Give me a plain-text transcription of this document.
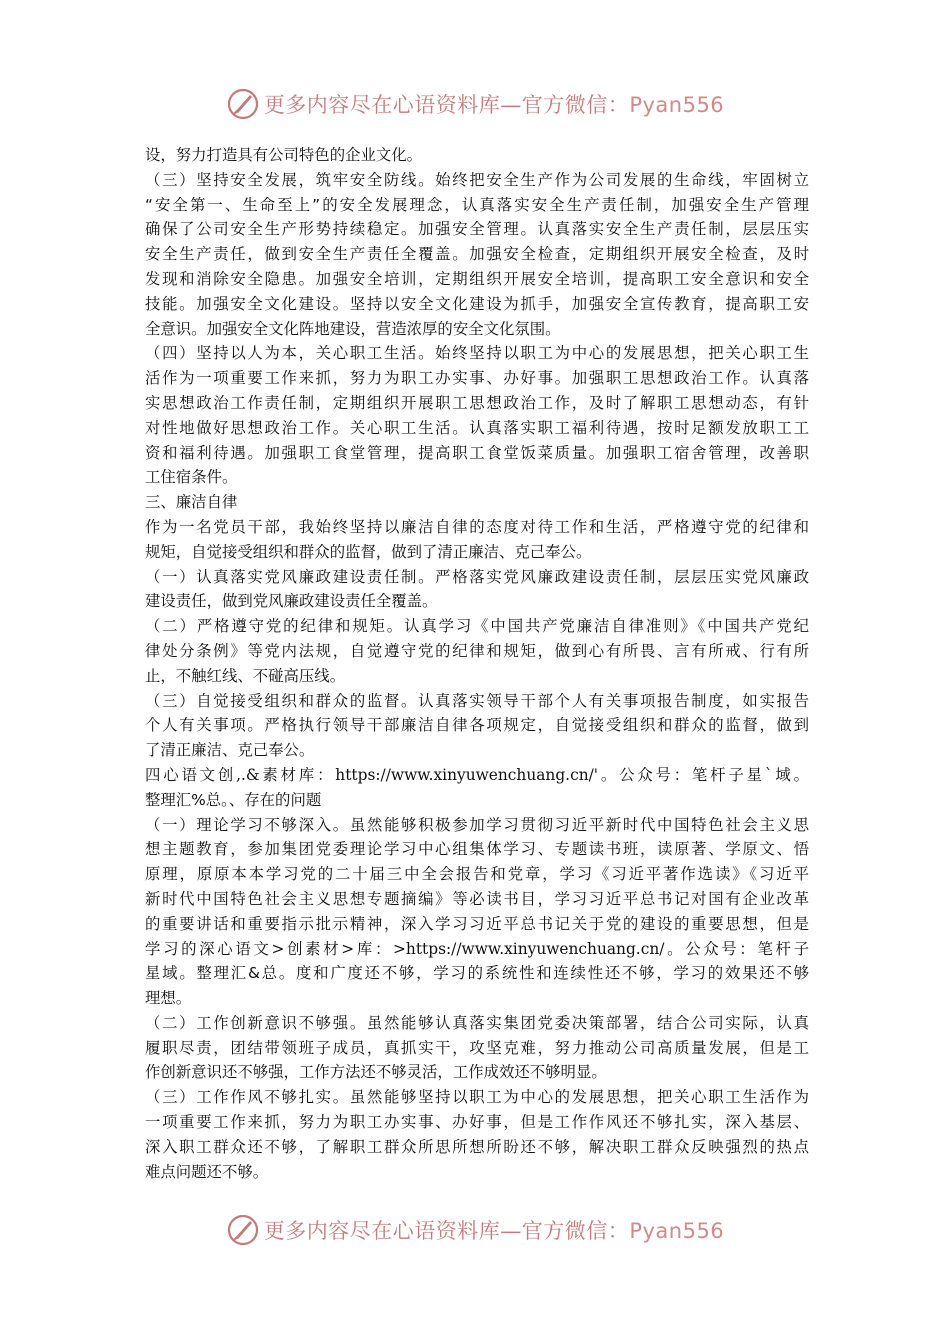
更多内容尽在心语资料库—官方微信：Pyan556
设，努力打造具有公司特色的企业文化。
（三）坚持安全发展，筑牢安全防线。始终把安全生产作为公司发展的生命线，牢固树立
“安全第一、生命至上”的安全发展理念，认真落实安全生产责任制，加强安全生产管理
确保了公司安全生产形势持续稳定。加强安全管理。认真落实安全生产责任制，层层压实
安全生产责任，做到安全生产责任全覆盖。加强安全检查，定期组织开展安全检查，及时
发现和消除安全隐患。加强安全培训，定期组织开展安全培训，提高职工安全意识和安全
技能。加强安全文化建设。坚持以安全文化建设为抓手，加强安全宣传教育，提高职工安
全意识。加强安全文化阵地建设，营造浓厚的安全文化氛围。
（四）坚持以人为本，关心职工生活。始终坚持以职工为中心的发展思想，把关心职工生
活作为一项重要工作来抓，努力为职工办实事、办好事。加强职工思想政治工作。认真落
实思想政治工作责任制，定期组织开展职工思想政治工作，及时了解职工思想动态，有针
对性地做好思想政治工作。关心职工生活。认真落实职工福利待遇，按时足额发放职工工
资和福利待遇。加强职工食堂管理，提高职工食堂饭菜质量。加强职工宿舍管理，改善职
工住宿条件。
三、廉洁自律
作为一名党员干部，我始终坚持以廉洁自律的态度对待工作和生活，严格遵守党的纪律和
规矩，自觉接受组织和群众的监督，做到了清正廉洁、克己奉公。
（一）认真落实党风廉政建设责任制。严格落实党风廉政建设责任制，层层压实党风廉政
建设责任，做到党风廉政建设责任全覆盖。
（二）严格遵守党的纪律和规矩。认真学习《中国共产党廉洁自律准则》《中国共产党纪
律处分条例》等党内法规，自觉遵守党的纪律和规矩，做到心有所畏、言有所戒、行有所
止，不触红线、不碰高压线。
（三）自觉接受组织和群众的监督。认真落实领导干部个人有关事项报告制度，如实报告
个人有关事项。严格执行领导干部廉洁自律各项规定，自觉接受组织和群众的监督，做到
了清正廉洁、克己奉公。
四心语文创,.&素材库：https://www.xinyuwenchuang.cn/'。公众号：笔杆子星`域。
整理汇%总。、存在的问题
（一）理论学习不够深入。虽然能够积极参加学习贯彻习近平新时代中国特色社会主义思
想主题教育，参加集团党委理论学习中心组集体学习、专题读书班，读原著、学原文、悟
原理，原原本本学习党的二十届三中全会报告和党章，学习《习近平著作选读》《习近平
新时代中国特色社会主义思想专题摘编》等必读书目，学习习近平总书记对国有企业改革
的重要讲话和重要指示批示精神，深入学习习近平总书记关于党的建设的重要思想，但是
学习的深心语文>创素材>库：>https://www.xinyuwenchuang.cn/。公众号：笔杆子
星域。整理汇&总。度和广度还不够，学习的系统性和连续性还不够，学习的效果还不够
理想。
（二）工作创新意识不够强。虽然能够认真落实集团党委决策部署，结合公司实际，认真
履职尽责，团结带领班子成员，真抓实干，攻坚克难，努力推动公司高质量发展，但是工
作创新意识还不够强，工作方法还不够灵活，工作成效还不够明显。
（三）工作作风不够扎实。虽然能够坚持以职工为中心的发展思想，把关心职工生活作为
一项重要工作来抓，努力为职工办实事、办好事，但是工作作风还不够扎实，深入基层、
深入职工群众还不够，了解职工群众所思所想所盼还不够，解决职工群众反映强烈的热点
难点问题还不够。
更多内容尽在心语资料库—官方微信：Pyan556
